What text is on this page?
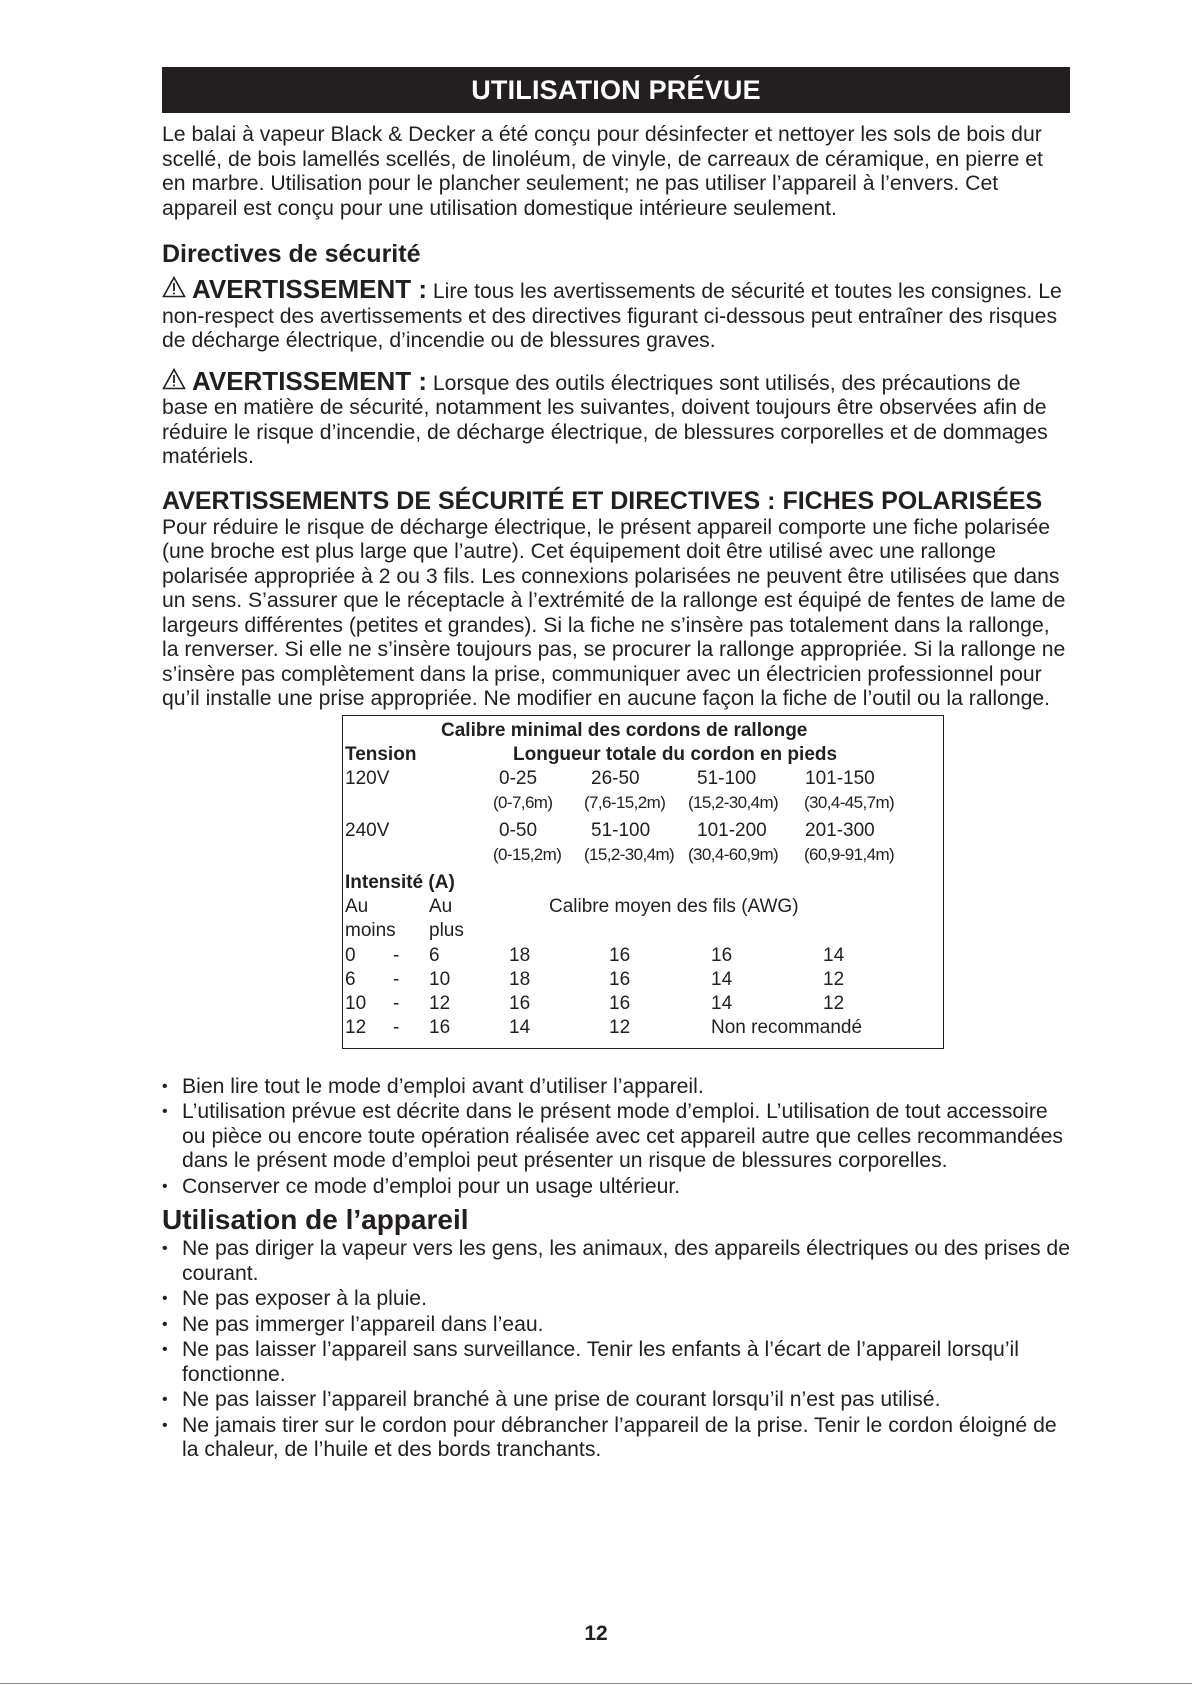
UTILISATION PRÉVUE

Le balai à vapeur Black & Decker a été conçu pour désinfecter et nettoyer les sols de bois dur scellé, de bois lamellés scellés, de linoléum, de vinyle, de carreaux de céramique, en pierre et en marbre. Utilisation pour le plancher seulement; ne pas utiliser l’appareil à l’envers. Cet appareil est conçu pour une utilisation domestique intérieure seulement.

Directives de sécurité
AVERTISSEMENT : Lire tous les avertissements de sécurité et toutes les consignes. Le non-respect des avertissements et des directives figurant ci-dessous peut entraîner des risques de décharge électrique, d’incendie ou de blessures graves.
AVERTISSEMENT : Lorsque des outils électriques sont utilisés, des précautions de base en matière de sécurité, notamment les suivantes, doivent toujours être observées afin de réduire le risque d’incendie, de décharge électrique, de blessures corporelles et de dommages matériels.
AVERTISSEMENTS DE SÉCURITÉ ET DIRECTIVES : FICHES POLARISÉES

Pour réduire le risque de décharge électrique, le présent appareil comporte une fiche polarisée (une broche est plus large que l’autre). Cet équipement doit être utilisé avec une rallonge polarisée appropriée à 2 ou 3 fils. Les connexions polarisées ne peuvent être utilisées que dans un sens. S’assurer que le réceptacle à l’extrémité de la rallonge est équipé de fentes de lame de largeurs différentes (petites et grandes). Si la fiche ne s’insère pas totalement dans la rallonge, la renverser. Si elle ne s’insère toujours pas, se procurer la rallonge appropriée. Si la rallonge ne s’insère pas complètement dans la prise, communiquer avec un électricien professionnel pour qu’il installe une prise appropriée. Ne modifier en aucune façon la fiche de l’outil ou la rallonge.

Calibre minimal des cordons de rallonge
Tension	Longueur totale du cordon en pieds
120V	0-25	26-50	51-100	101-150
(0-7,6m) (7,6-15,2m) (15,2-30,4m) (30,4-45,7m)
240V	0-50	51-100 101-200 201-300
(0-15,2m) (15,2-30,4m) (30,4-60,9m) (60,9-91,4m)
Intensité (A)
Au	Au	Calibre moyen des fils (AWG)
moins plus
0 - 6	18	16	16	14
6 - 10	18	16	14	12
10 - 12	16	16	14	12
12 - 16	14	12	Non recommandé
• Bien lire tout le mode d’emploi avant d’utiliser l’appareil.
• L’utilisation prévue est décrite dans le présent mode d’emploi. L’utilisation de tout accessoire ou pièce ou encore toute opération réalisée avec cet appareil autre que celles recommandées dans le présent mode d’emploi peut présenter un risque de blessures corporelles.
• Conserver ce mode d’emploi pour un usage ultérieur.
Utilisation de l’appareil
• Ne pas diriger la vapeur vers les gens, les animaux, des appareils électriques ou des prises de courant.
• Ne pas exposer à la pluie.
• Ne pas immerger l’appareil dans l’eau.
• Ne pas laisser l’appareil sans surveillance. Tenir les enfants à l’écart de l’appareil lorsqu’il fonctionne.
• Ne pas laisser l’appareil branché à une prise de courant lorsqu’il n’est pas utilisé.
• Ne jamais tirer sur le cordon pour débrancher l’appareil de la prise. Tenir le cordon éloigné de la chaleur, de l’huile et des bords tranchants.
12
